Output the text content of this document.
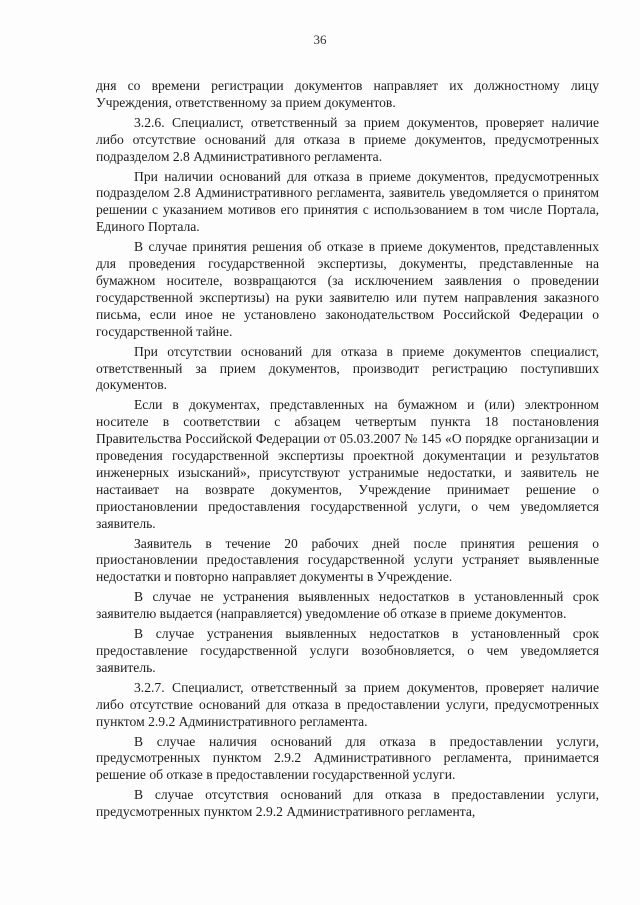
36

дня со времени регистрации документов направляет их должностному лицу Учреждения, ответственному за прием документов.

3.2.6. Специалист, ответственный за прием документов, проверяет наличие либо отсутствие оснований для отказа в приеме документов, предусмотренных подразделом 2.8 Административного регламента.

При наличии оснований для отказа в приеме документов, предусмотренных подразделом 2.8 Административного регламента, заявитель уведомляется о принятом решении с указанием мотивов его принятия с использованием в том числе Портала, Единого Портала.

В случае принятия решения об отказе в приеме документов, представленных для проведения государственной экспертизы, документы, представленные на бумажном носителе, возвращаются (за исключением заявления о проведении государственной экспертизы) на руки заявителю или путем направления заказного письма, если иное не установлено законодательством Российской Федерации о государственной тайне.

При отсутствии оснований для отказа в приеме документов специалист, ответственный за прием документов, производит регистрацию поступивших документов.

Если в документах, представленных на бумажном и (или) электронном носителе в соответствии с абзацем четвертым пункта 18 постановления Правительства Российской Федерации от 05.03.2007 № 145 «О порядке организации и проведения государственной экспертизы проектной документации и результатов инженерных изысканий», присутствуют устранимые недостатки, и заявитель не настаивает на возврате документов, Учреждение принимает решение о приостановлении предоставления государственной услуги, о чем уведомляется заявитель.

Заявитель в течение 20 рабочих дней после принятия решения о приостановлении предоставления государственной услуги устраняет выявленные недостатки и повторно направляет документы в Учреждение.

В случае не устранения выявленных недостатков в установленный срок заявителю выдается (направляется) уведомление об отказе в приеме документов.

В случае устранения выявленных недостатков в установленный срок предоставление государственной услуги возобновляется, о чем уведомляется заявитель.

3.2.7. Специалист, ответственный за прием документов, проверяет наличие либо отсутствие оснований для отказа в предоставлении услуги, предусмотренных пунктом 2.9.2 Административного регламента.

В случае наличия оснований для отказа в предоставлении услуги, предусмотренных пунктом 2.9.2 Административного регламента, принимается решение об отказе в предоставлении государственной услуги.

В случае отсутствия оснований для отказа в предоставлении услуги, предусмотренных пунктом 2.9.2 Административного регламента,
